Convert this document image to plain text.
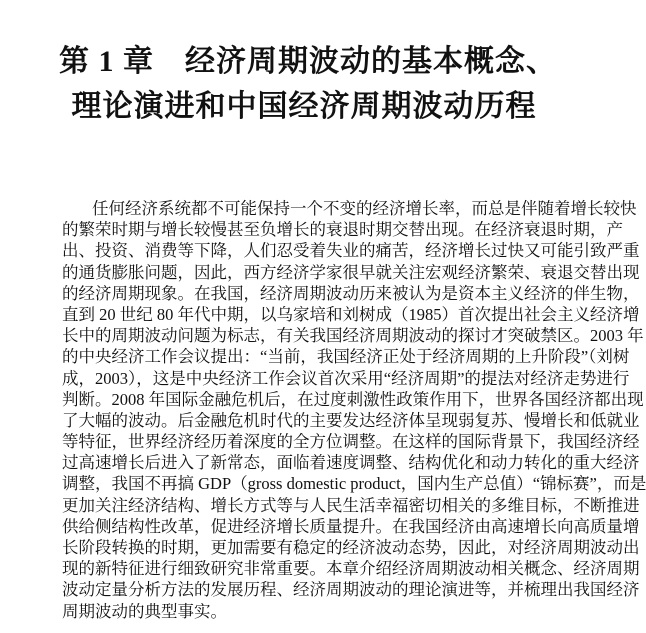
第 1 章　经济周期波动的基本概念、
理论演进和中国经济周期波动历程
任何经济系统都不可能保持一个不变的经济增长率，而总是伴随着增长较快
的繁荣时期与增长较慢甚至负增长的衰退时期交替出现。在经济衰退时期，产
出、投资、消费等下降，人们忍受着失业的痛苦，经济增长过快又可能引致严重
的通货膨胀问题，因此，西方经济学家很早就关注宏观经济繁荣、衰退交替出现
的经济周期现象。在我国，经济周期波动历来被认为是资本主义经济的伴生物，
直到 20 世纪 80 年代中期，以乌家培和刘树成（1985）首次提出社会主义经济增
长中的周期波动问题为标志，有关我国经济周期波动的探讨才突破禁区。2003 年
的中央经济工作会议提出：“当前，我国经济正处于经济周期的上升阶段”（刘树
成，2003），这是中央经济工作会议首次采用“经济周期”的提法对经济走势进行
判断。2008 年国际金融危机后，在过度刺激性政策作用下，世界各国经济都出现
了大幅的波动。后金融危机时代的主要发达经济体呈现弱复苏、慢增长和低就业
等特征，世界经济经历着深度的全方位调整。在这样的国际背景下，我国经济经
过高速增长后进入了新常态，面临着速度调整、结构优化和动力转化的重大经济
调整，我国不再搞 GDP（gross domestic product，国内生产总值）“锦标赛”，而是
更加关注经济结构、增长方式等与人民生活幸福密切相关的多维目标，不断推进
供给侧结构性改革，促进经济增长质量提升。在我国经济由高速增长向高质量增
长阶段转换的时期，更加需要有稳定的经济波动态势，因此，对经济周期波动出
现的新特征进行细致研究非常重要。本章介绍经济周期波动相关概念、经济周期
波动定量分析方法的发展历程、经济周期波动的理论演进等，并梳理出我国经济
周期波动的典型事实。
